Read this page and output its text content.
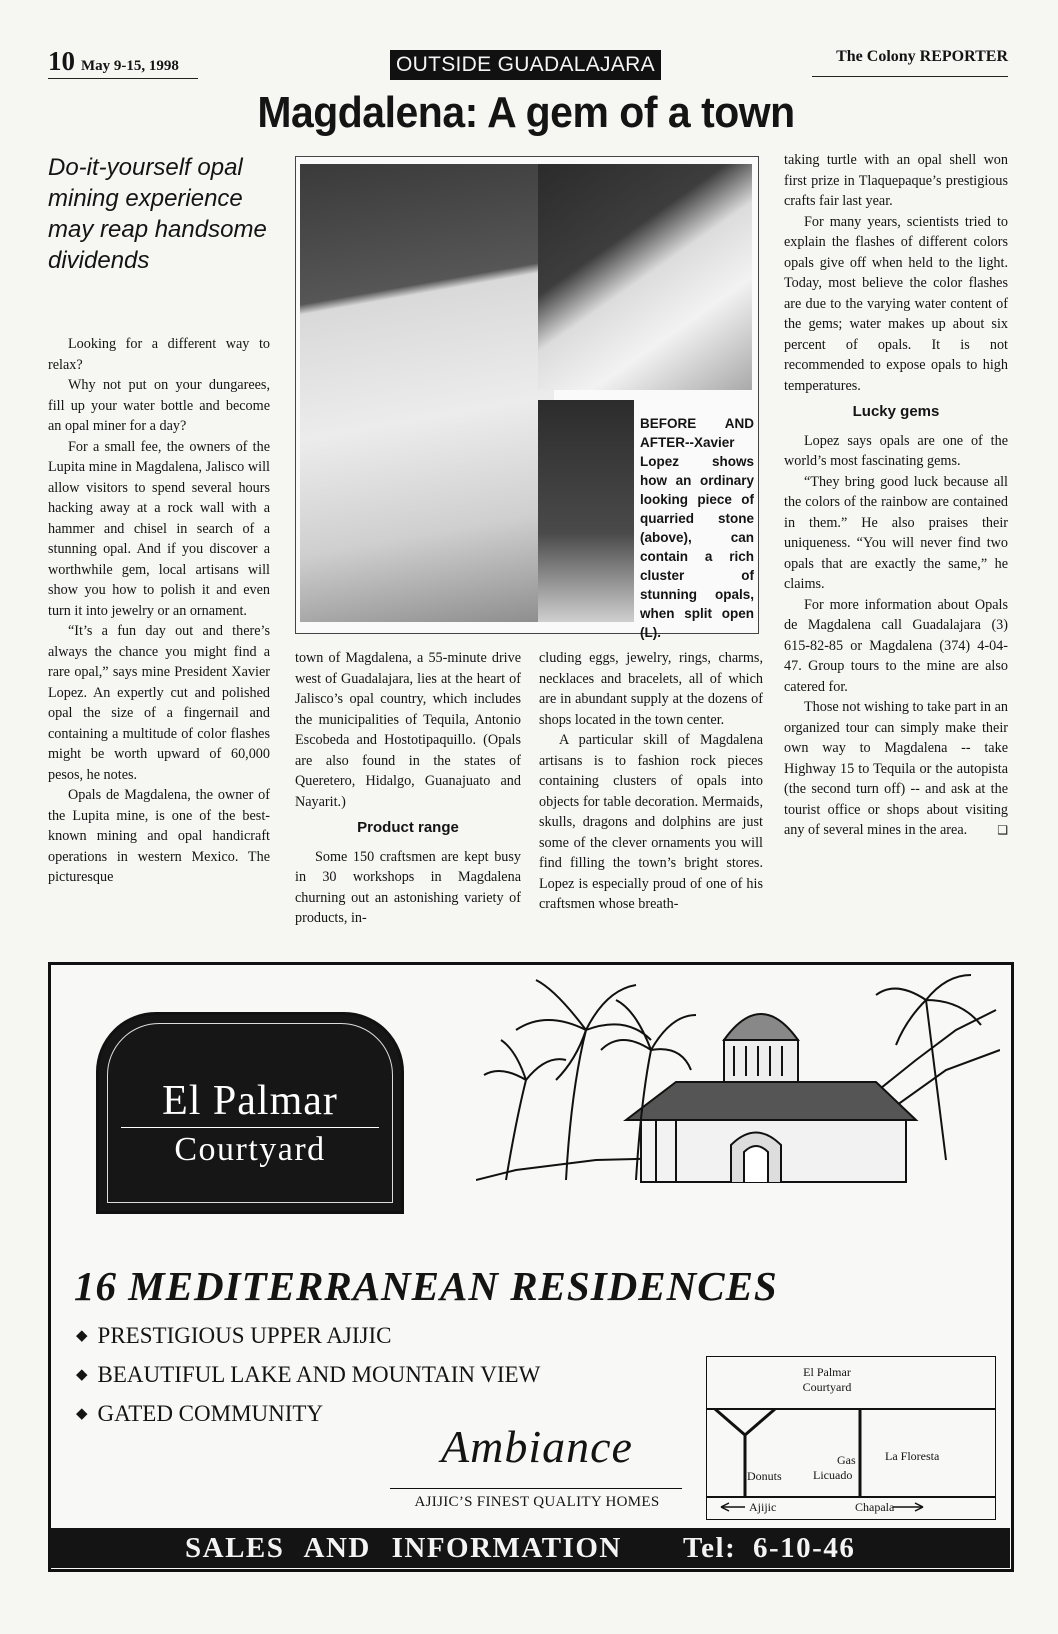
10 May 9-15, 1998	OUTSIDE GUADALAJARA	The Colony REPORTER
Magdalena: A gem of a town
Do-it-yourself opal mining experience may reap handsome dividends

Looking for a different way to relax?

Why not put on your dungarees, fill up your water bottle and become an opal miner for a day?

For a small fee, the owners of the Lupita mine in Magdalena, Jalisco will allow visitors to spend several hours hacking away at a rock wall with a hammer and chisel in search of a stunning opal. And if you discover a worthwhile gem, local artisans will show you how to polish it and even turn it into jewelry or an ornament.

“It’s a fun day out and there’s always the chance you might find a rare opal,” says mine President Xavier Lopez. An expertly cut and polished opal the size of a fingernail and containing a multitude of color flashes might be worth upward of 60,000 pesos, he notes.

Opals de Magdalena, the owner of the Lupita mine, is one of the best-known mining and opal handicraft operations in western Mexico. The picturesque

BEFORE AND AFTER--Xavier Lopez shows how an ordinary looking piece of quarried stone (above), can contain a rich cluster of stunning opals, when split open (L).

town of Magdalena, a 55-minute drive west of Guadalajara, lies at the heart of Jalisco’s opal country, which includes the municipalities of Tequila, Antonio Escobeda and Hostotipaquillo. (Opals are also found in the states of Queretero, Hidalgo, Guanajuato and Nayarit.)

Product range

Some 150 craftsmen are kept busy in 30 workshops in Magdalena churning out an astonishing variety of products, in-

cluding eggs, jewelry, rings, charms, necklaces and bracelets, all of which are in abundant supply at the dozens of shops located in the town center.

A particular skill of Magdalena artisans is to fashion rock pieces containing clusters of opals into objects for table decoration. Mermaids, skulls, dragons and dolphins are just some of the clever ornaments you will find filling the town’s bright stores. Lopez is especially proud of one of his craftsmen whose breath-

taking turtle with an opal shell won first prize in Tlaquepaque’s prestigious crafts fair last year.

For many years, scientists tried to explain the flashes of different colors opals give off when held to the light. Today, most believe the color flashes are due to the varying water content of the gems; water makes up about six percent of opals. It is not recommended to expose opals to high temperatures.

Lucky gems

Lopez says opals are one of the world’s most fascinating gems.

“They bring good luck because all the colors of the rainbow are contained in them.” He also praises their uniqueness. “You will never find two opals that are exactly the same,” he claims.

For more information about Opals de Magdalena call Guadalajara (3) 615-82-85 or Magdalena (374) 4-04-47. Group tours to the mine are also catered for.

Those not wishing to take part in an organized tour can simply make their own way to Magdalena -- take Highway 15 to Tequila or the autopista (the second turn off) -- and ask at the tourist office or shops about visiting any of several mines in the area.	❑

El Palmar
Courtyard
16 MEDITERRANEAN RESIDENCES
◆ PRESTIGIOUS UPPER AJIJIC
◆ BEAUTIFUL LAKE AND MOUNTAIN VIEW
◆ GATED COMMUNITY
Ambiance
AJIJIC’S FINEST QUALITY HOMES
El Palmar
Courtyard
Donuts
Gas
Licuado
La Floresta
Ajijic	Chapala
SALES AND INFORMATION Tel: 6-10-46
